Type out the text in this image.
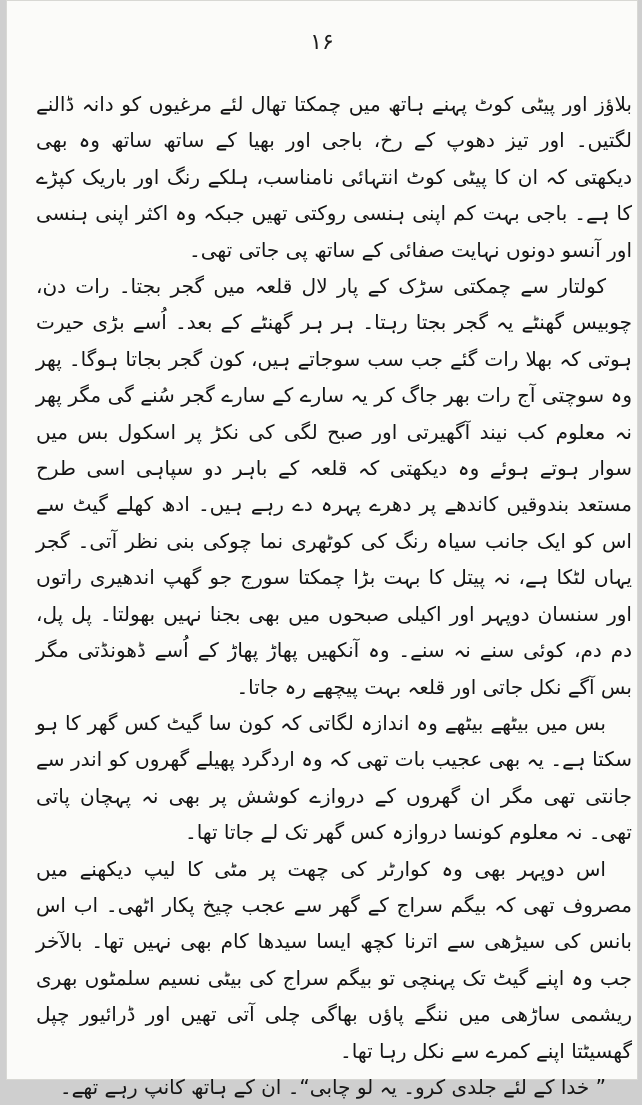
۱۶

بلاؤز اور پیٹی کوٹ پہنے ہاتھ میں چمکتا تھال لئے مرغیوں کو دانہ ڈالنے لگتیں۔ اور تیز دھوپ کے رخ، باجی اور بھیا کے ساتھ ساتھ وہ بھی دیکھتی کہ ان کا پیٹی کوٹ انتہائی نامناسب، ہلکے رنگ اور باریک کپڑے کا ہے۔ باجی بہت کم اپنی ہنسی روکتی تھیں جبکہ وہ اکثر اپنی ہنسی اور آنسو دونوں نہایت صفائی کے ساتھ پی جاتی تھی۔

کولتار سے چمکتی سڑک کے پار لال قلعہ میں گجر بجتا۔ رات دن، چوبیس گھنٹے یہ گجر بجتا رہتا۔ ہر ہر گھنٹے کے بعد۔ اُسے بڑی حیرت ہوتی کہ بھلا رات گئے جب سب سوجاتے ہیں، کون گجر بجاتا ہوگا۔ پھر وہ سوچتی آج رات بھر جاگ کر یہ سارے کے سارے گجر سُنے گی مگر پھر نہ معلوم کب نیند آگھیرتی اور صبح لگی کی نکڑ پر اسکول بس میں سوار ہوتے ہوئے وہ دیکھتی کہ قلعہ کے باہر دو سپاہی اسی طرح مستعد بندوقیں کاندھے پر دھرے پہرہ دے رہے ہیں۔ ادھ کھلے گیٹ سے اس کو ایک جانب سیاہ رنگ کی کوٹھری نما چوکی بنی نظر آتی۔ گجر یہاں لٹکا ہے، نہ پیتل کا بہت بڑا چمکتا سورج جو گھپ اندھیری راتوں اور سنسان دوپہر اور اکیلی صبحوں میں بھی بجنا نہیں بھولتا۔ پل پل، دم دم، کوئی سنے نہ سنے۔ وہ آنکھیں پھاڑ پھاڑ کے اُسے ڈھونڈتی مگر بس آگے نکل جاتی اور قلعہ بہت پیچھے رہ جاتا۔

بس میں بیٹھے بیٹھے وہ اندازہ لگاتی کہ کون سا گیٹ کس گھر کا ہو سکتا ہے۔ یہ بھی عجیب بات تھی کہ وہ اردگرد پھیلے گھروں کو اندر سے جانتی تھی مگر ان گھروں کے دروازے کوشش پر بھی نہ پہچان پاتی تھی۔ نہ معلوم کونسا دروازہ کس گھر تک لے جاتا تھا۔

اس دوپہر بھی وہ کوارٹر کی چھت پر مٹی کا لیپ دیکھنے میں مصروف تھی کہ بیگم سراج کے گھر سے عجب چیخ پکار اٹھی۔ اب اس بانس کی سیڑھی سے اترنا کچھ ایسا سیدھا کام بھی نہیں تھا۔ بالآخر جب وہ اپنے گیٹ تک پہنچی تو بیگم سراج کی بیٹی نسیم سلمٹوں بھری ریشمی ساڑھی میں ننگے پاؤں بھاگی چلی آتی تھیں اور ڈرائیور چپل گھسیٹتا اپنے کمرے سے نکل رہا تھا۔

” خدا کے لئے جلدی کرو۔ یہ لو چابی“۔ ان کے ہاتھ کانپ رہے تھے۔
